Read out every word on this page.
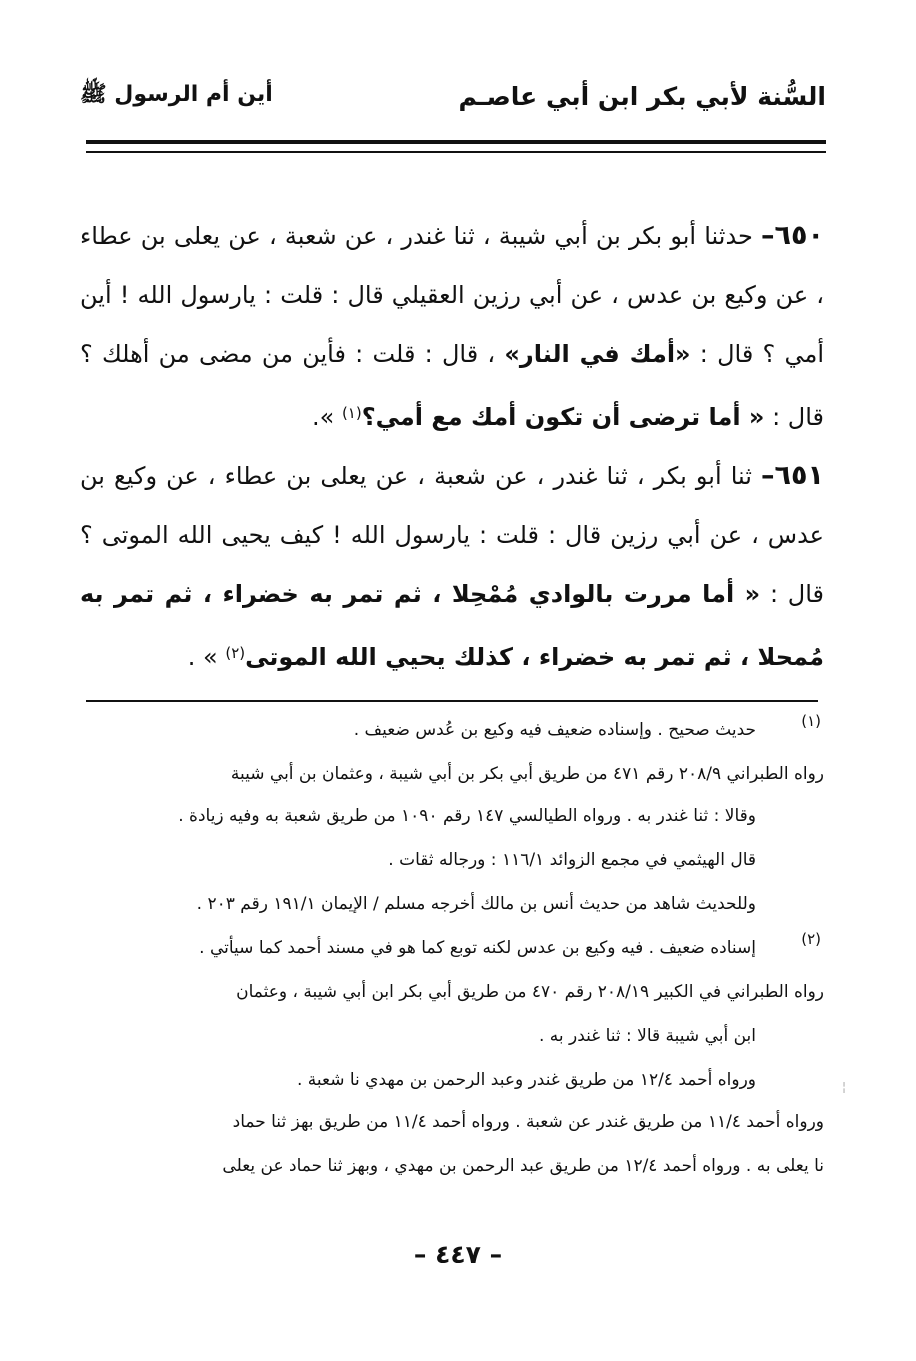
السُّنة لأبي بكر ابن أبي عاصـم
أين أم الرسول ﷺ
٦٥٠– حدثنا أبو بكر بن أبي شيبة ، ثنا غندر ، عن شعبة ، عن يعلى بن عطاء ، عن وكيع بن عدس ، عن أبي رزين العقيلي قال : قلت : يارسول الله ! أين أمي ؟ قال : «أمك في النار» ، قال : قلت : فأين من مضى من أهلك ؟ قال : « أما ترضى أن تكون أمك مع أمي؟$^{(١)}$ ».
٦٥١– ثنا أبو بكر ، ثنا غندر ، عن شعبة ، عن يعلى بن عطاء ، عن وكيع بن عدس ، عن أبي رزين قال : قلت : يارسول الله ! كيف يحيى الله الموتى ؟ قال : « أما مررت بالوادي مُمْحِلا ، ثم تمر به خضراء ، ثم تمر به مُمحلا ، ثم تمر به خضراء ، كذلك يحيي الله الموتى$^{(٢)}$ » .
(١)
حديث صحيح . وإسناده ضعيف فيه وكيع بن عُدس ضعيف .
رواه الطبراني ٢٠٨/٩ رقم ٤٧١ من طريق أبي بكر بن أبي شيبة ، وعثمان بن أبي شيبة
وقالا : ثنا غندر به . ورواه الطيالسي ١٤٧ رقم ١٠٩٠ من طريق شعبة به وفيه زيادة .
قال الهيثمي في مجمع الزوائد ١١٦/١ : ورجاله ثقات .
وللحديث شاهد من حديث أنس بن مالك أخرجه مسلم / الإيمان ١٩١/١ رقم ٢٠٣ .
(٢)
إسناده ضعيف . فيه وكيع بن عدس لكنه توبع كما هو في مسند أحمد كما سيأتي .
رواه الطبراني في الكبير ٢٠٨/١٩ رقم ٤٧٠ من طريق أبي بكر ابن أبي شيبة ، وعثمان
ابن أبي شيبة قالا : ثنا غندر به .
ورواه أحمد ١٢/٤ من طريق غندر وعبد الرحمن بن مهدي نا شعبة .
ورواه أحمد ١١/٤ من طريق غندر عن شعبة . ورواه أحمد ١١/٤ من طريق بهز ثنا حماد
نا يعلى به . ورواه أحمد ١٢/٤ من طريق عبد الرحمن بن مهدي ، وبهز ثنا حماد عن يعلى
– ٤٤٧ –
¦
